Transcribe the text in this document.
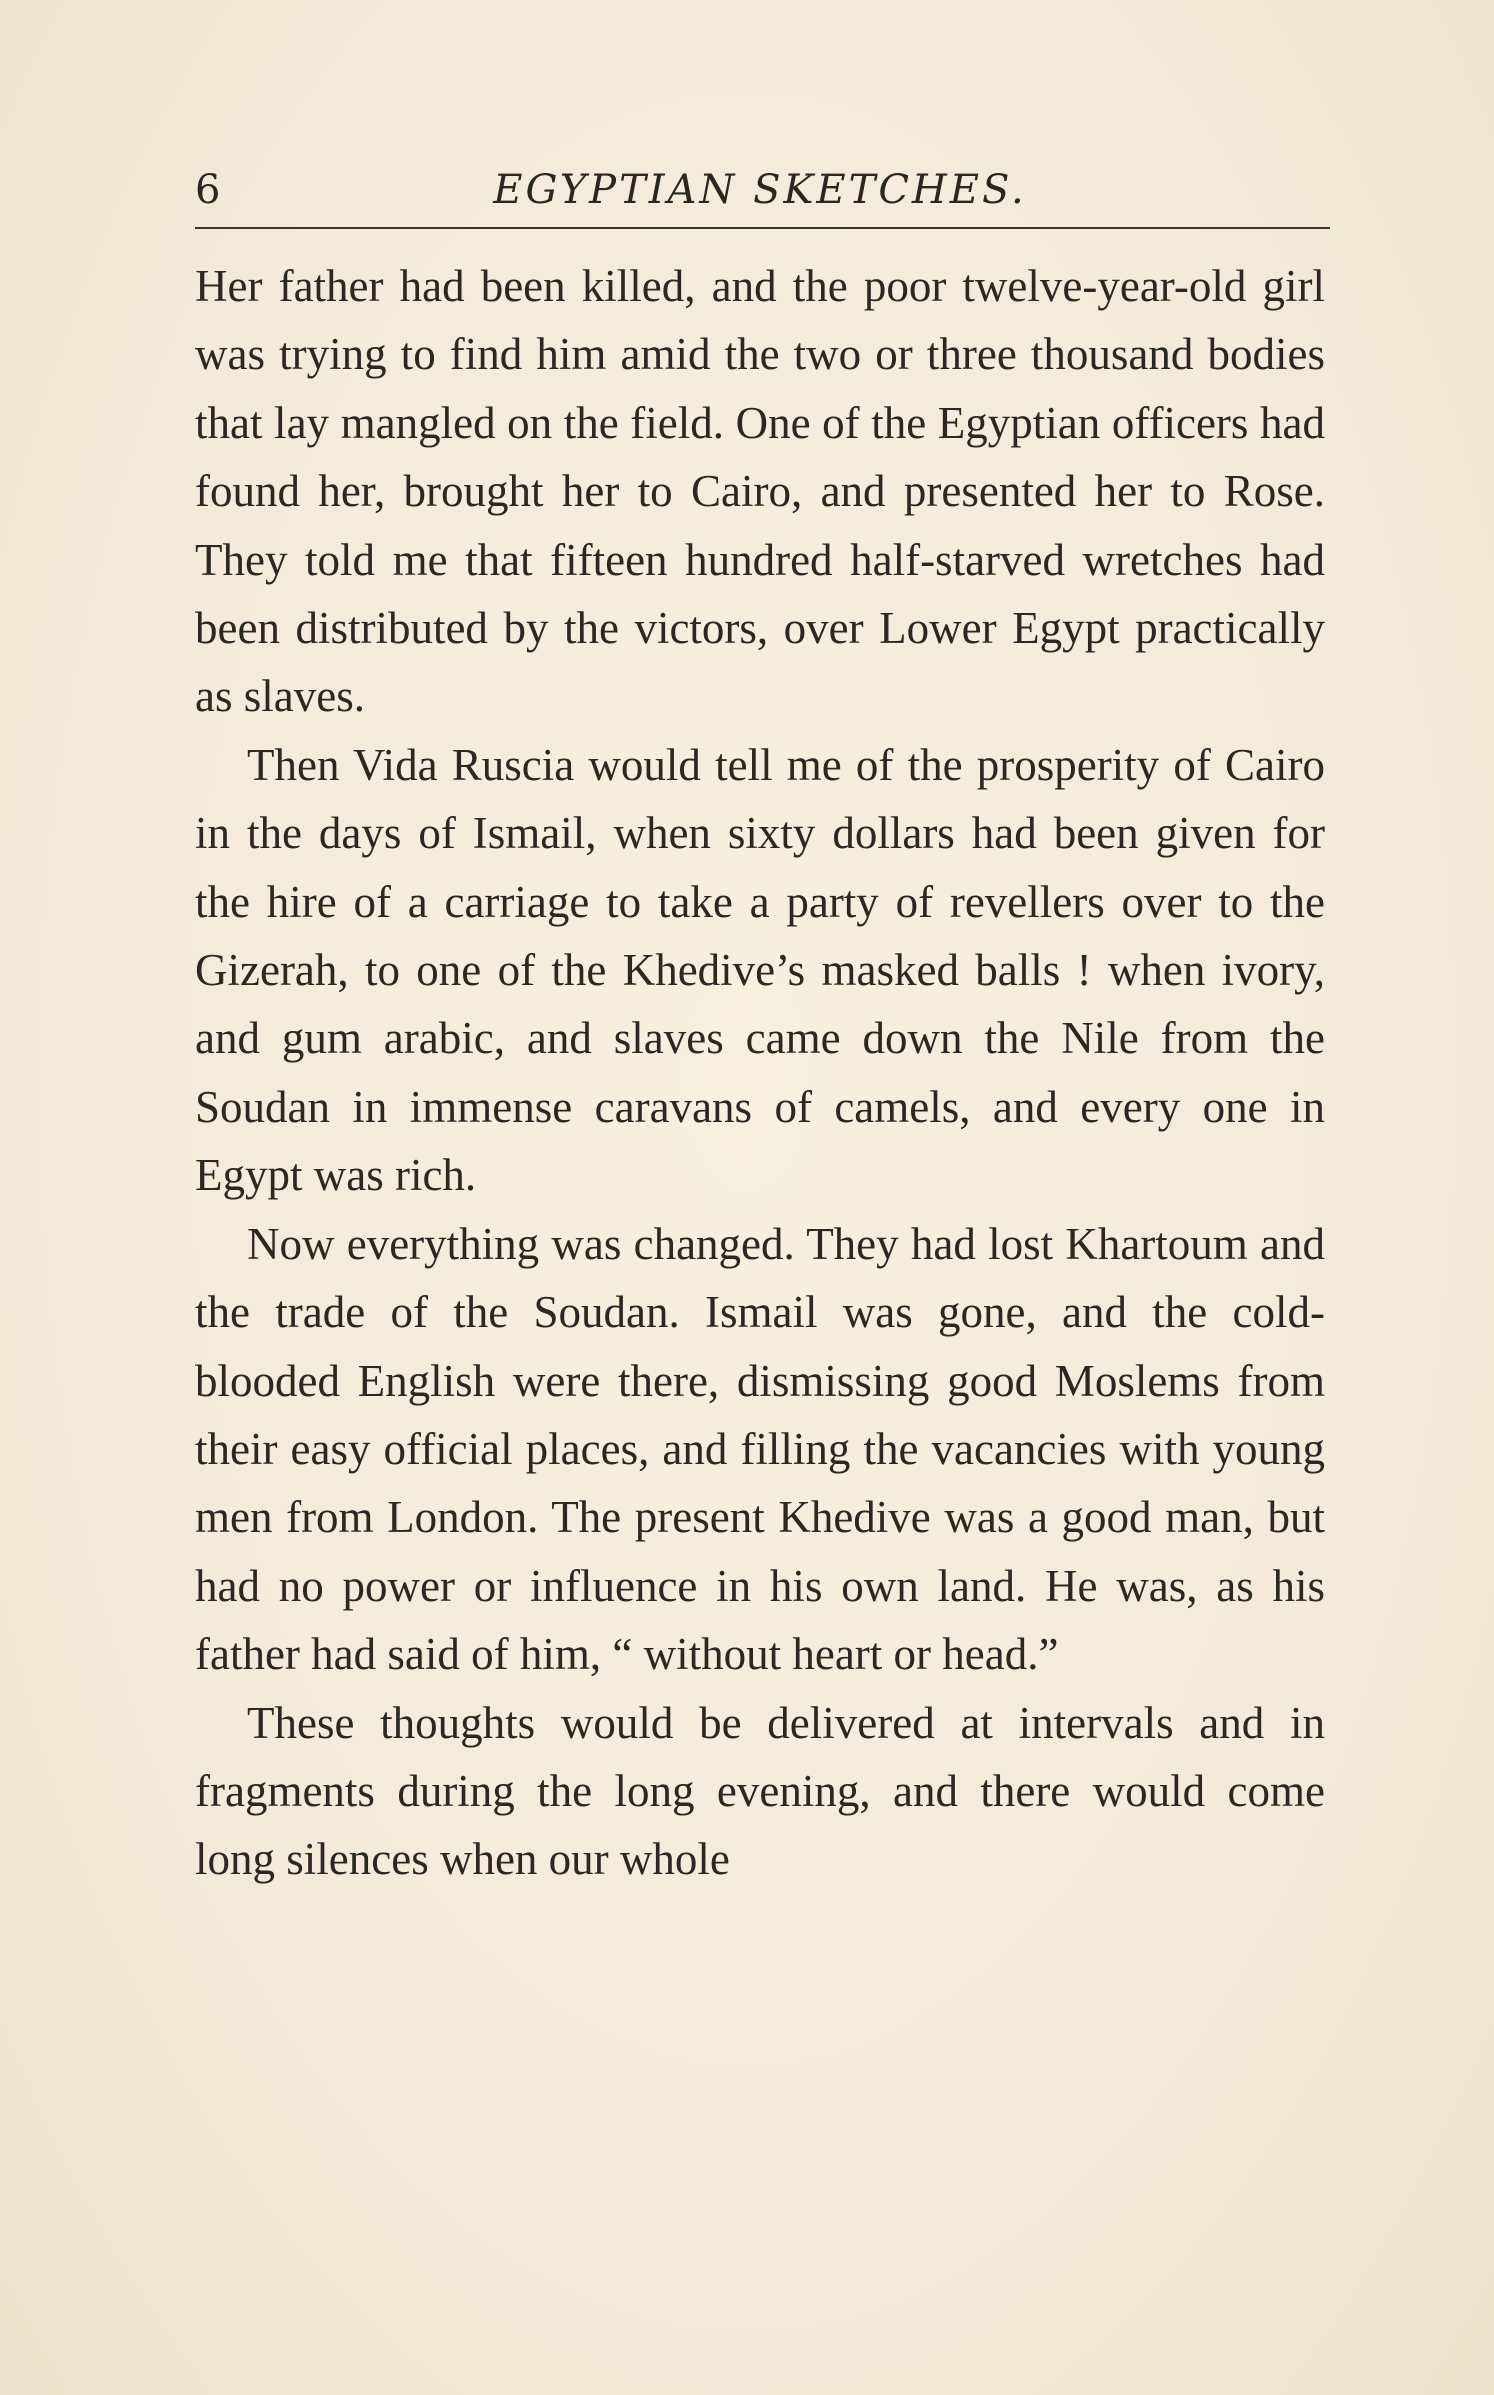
6	EGYPTIAN SKETCHES.

Her father had been killed, and the poor twelve-year-old girl was trying to find him amid the two or three thousand bodies that lay mangled on the field. One of the Egyptian officers had found her, brought her to Cairo, and presented her to Rose. They told me that fifteen hundred half-starved wretches had been distributed by the victors, over Lower Egypt practically as slaves.

Then Vida Ruscia would tell me of the prosperity of Cairo in the days of Ismail, when sixty dollars had been given for the hire of a carriage to take a party of revellers over to the Gizerah, to one of the Khedive’s masked balls ! when ivory, and gum arabic, and slaves came down the Nile from the Soudan in immense caravans of camels, and every one in Egypt was rich.

Now everything was changed. They had lost Khartoum and the trade of the Soudan. Ismail was gone, and the cold-blooded English were there, dismissing good Moslems from their easy official places, and filling the vacancies with young men from London. The present Khedive was a good man, but had no power or influence in his own land. He was, as his father had said of him, “ without heart or head.”

These thoughts would be delivered at intervals and in fragments during the long evening, and there would come long silences when our whole
